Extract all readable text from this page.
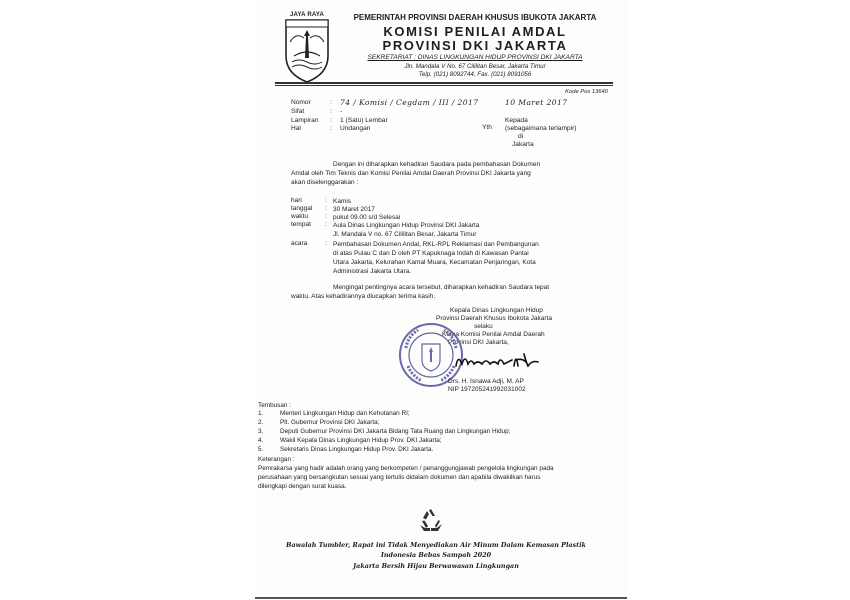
JAYA RAYA	PEMERINTAH PROVINSI DAERAH KHUSUS IBUKOTA JAKARTA
KOMISI PENILAI AMDAL
PROVINSI DKI JAKARTA
SEKRETARIAT : DINAS LINGKUNGAN HIDUP PROVINSI DKI JAKARTA
Jln. Mandala V No. 67 Cililitan Besar, Jakarta Timur
Telp. (021) 8092744, Fax. (021) 8091056
Kode Pos 13640
Nomor	: 74 / Komisi / Cegdam / III / 2017
Sifat	: -
Lampiran : 1 (Satu) Lembar
Hal	: Undangan
10 Maret 2017
Kepada
(sebagaimana terlampir)
Yth
di
Jakarta
Dengan ini diharapkan kehadiran Saudara pada pembahasan Dokumen
Amdal oleh Tim Teknis dan Komisi Penilai Amdal Daerah Provinsi DKI Jakarta yang
akan diselenggarakan :
hari	: Kamis
tanggal : 30 Maret 2017
waktu	: pukul 09.00 s/d Selesai
tempat : Aula Dinas Lingkungan Hidup Provinsi DKI Jakarta
Jl. Mandala V no. 67 Cililitan Besar, Jakarta Timur
acara	: Pembahasan Dokumen Andal, RKL-RPL Reklamasi dan Pembangunan
di atas Pulau C dan D oleh PT Kapuknaga Indah di Kawasan Pantai
Utara Jakarta, Kelurahan Kamal Muara, Kecamatan Penjaringan, Kota
Administrasi Jakarta Utara.
Mengingat pentingnya acara tersebut, diharapkan kehadiran Saudara tepat
waktu. Atas kehadirannya diucapkan terima kasih.
Kepala Dinas Lingkungan Hidup
Provinsi Daerah Khusus Ibukota Jakarta
selaku
Ketua Komisi Penilai Amdal Daerah
Provinsi DKI Jakarta,
Drs. H. Isnawa Adji, M. AP
NIP 197205241992031002
Tembusan :
1.	Menteri Lingkungan Hidup dan Kehutanan RI;
2.	Plt. Gubernur Provinsi DKI Jakarta;
3.	Deputi Gubernur Provinsi DKI Jakarta Bidang Tata Ruang dan Lingkungan Hidup;
4.	Wakil Kepala Dinas Lingkungan Hidup Prov. DKI Jakarta;
5.	Sekretaris Dinas Lingkungan Hidup Prov. DKI Jakarta.
Keterangan :
Pemrakarsa yang hadir adalah orang yang berkompeten / penanggungjawab pengelola lingkungan pada
perusahaan yang bersangkutan sesuai yang tertulis didalam dokumen dan apabila diwakilkan harus
dilengkapi dengan surat kuasa.
Bawalah Tumbler, Rapat ini Tidak Menyediakan Air Minum Dalam Kemasan Plastik
Indonesia Bebas Sampah 2020
Jakarta Bersih Hijau Berwawasan Lingkungan
